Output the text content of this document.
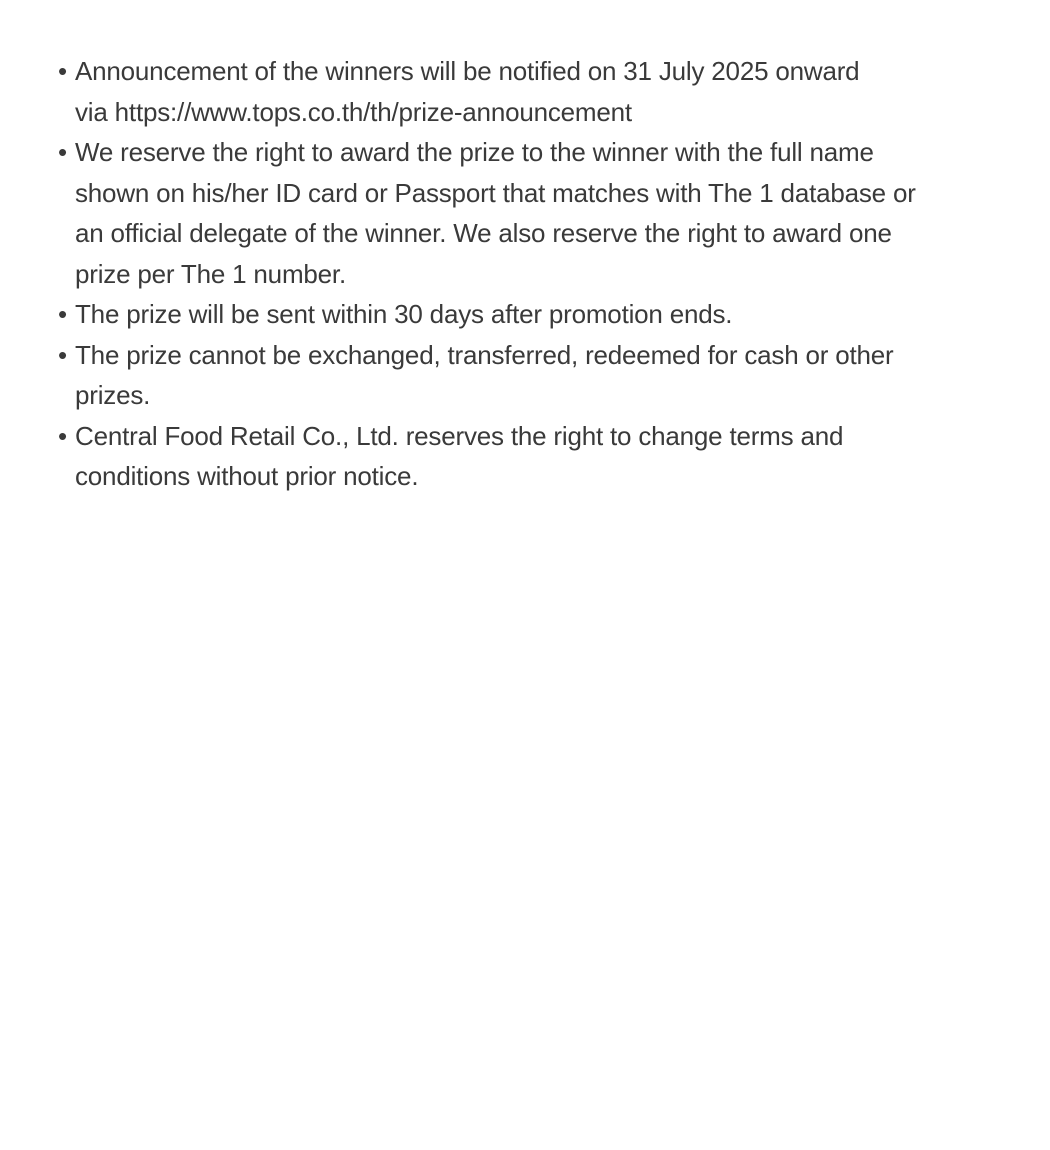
• Announcement of the winners will be notified on 31 July 2025 onward
via https://www.tops.co.th/th/prize-announcement
• We reserve the right to award the prize to the winner with the full name
shown on his/her ID card or Passport that matches with The 1 database or
an official delegate of the winner. We also reserve the right to award one
prize per The 1 number.
• The prize will be sent within 30 days after promotion ends.
• The prize cannot be exchanged, transferred, redeemed for cash or other
prizes.
• Central Food Retail Co., Ltd. reserves the right to change terms and
conditions without prior notice.
